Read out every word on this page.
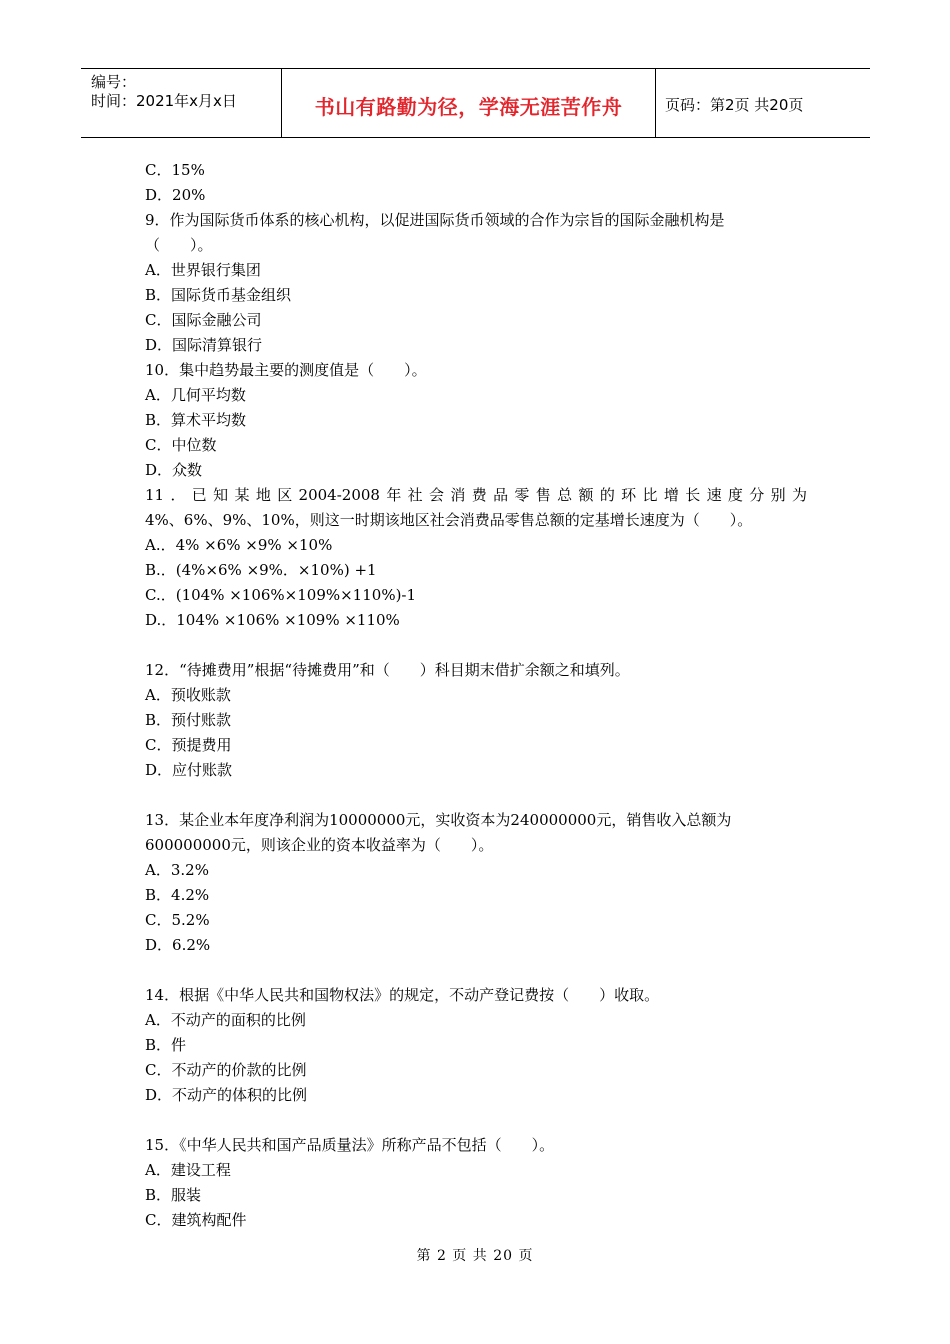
编号：
时间：2021年x月x日	书山有路勤为径，学海无涯苦作舟	页码：第2页 共20页
C．15%
D．20%
9．作为国际货币体系的核心机构，以促进国际货币领域的合作为宗旨的国际金融机构是
（　　）。
A．世界银行集团
B．国际货币基金组织
C．国际金融公司
D．国际清算银行
10．集中趋势最主要的测度值是（　　）。
A．几何平均数
B．算术平均数
C．中位数
D．众数
11．已知某地区2004-2008年社会消费品零售总额的环比增长速度分别为
4%、6%、9%、10%，则这一时期该地区社会消费品零售总额的定基增长速度为（　　）。
A.．4% ×6% ×9% ×10%
B.．(4%×6% ×9%．×10%) +1
C.．(104% ×106%×109%×110%)-1
D.．104% ×106% ×109% ×110%
12．“待摊费用”根据“待摊费用”和（　　）科目期末借扩余额之和填列。
A．预收账款
B．预付账款
C．预提费用
D．应付账款
13．某企业本年度净利润为10000000元，实收资本为240000000元，销售收入总额为
600000000元，则该企业的资本收益率为（　　）。
A．3.2%
B．4.2%
C．5.2%
D．6.2%
14．根据《中华人民共和国物权法》的规定，不动产登记费按（　　）收取。
A．不动产的面积的比例
B．件
C．不动产的价款的比例
D．不动产的体积的比例
15．《中华人民共和国产品质量法》所称产品不包括（　　）。
A．建设工程
B．服装
C．建筑构配件
第 2 页 共 20 页
